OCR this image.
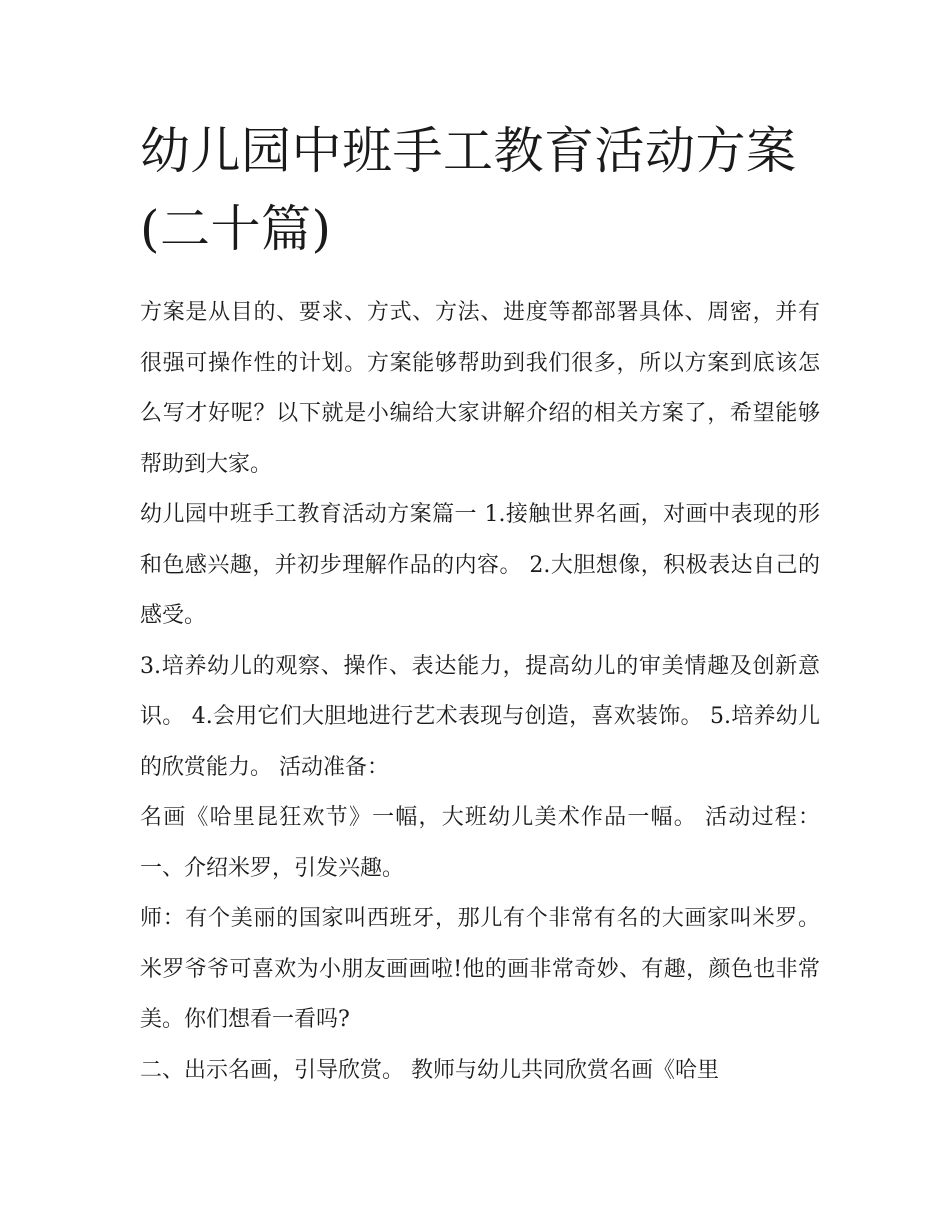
幼儿园中班手工教育活动方案
(二十篇)

方案是从目的、要求、方式、方法、进度等都部署具体、周密，并有很强可操作性的计划。方案能够帮助到我们很多，所以方案到底该怎么写才好呢？以下就是小编给大家讲解介绍的相关方案了，希望能够帮助到大家。

幼儿园中班手工教育活动方案篇一 1.接触世界名画，对画中表现的形和色感兴趣，并初步理解作品的内容。 2.大胆想像，积极表达自己的感受。

3.培养幼儿的观察、操作、表达能力，提高幼儿的审美情趣及创新意识。 4.会用它们大胆地进行艺术表现与创造，喜欢装饰。 5.培养幼儿的欣赏能力。 活动准备：

名画《哈里昆狂欢节》一幅，大班幼儿美术作品一幅。 活动过程： 一、介绍米罗，引发兴趣。

师：有个美丽的国家叫西班牙，那儿有个非常有名的大画家叫米罗。米罗爷爷可喜欢为小朋友画画啦!他的画非常奇妙、有趣，颜色也非常美。你们想看一看吗?

二、出示名画，引导欣赏。 教师与幼儿共同欣赏名画《哈里
